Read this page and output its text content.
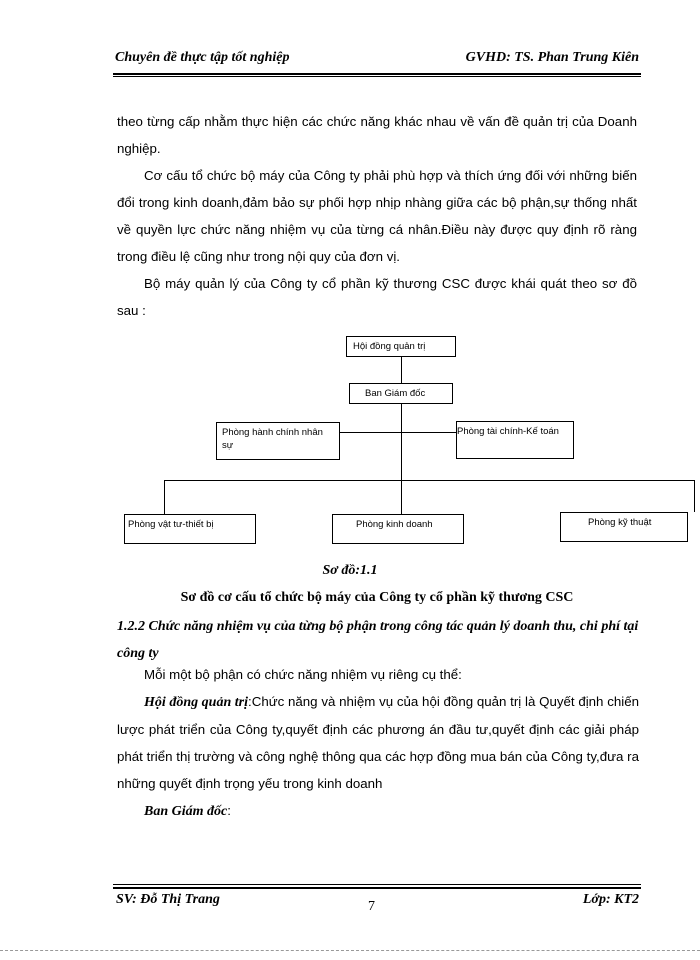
Chuyên đề thực tập tốt nghiệp	GVHD: TS. Phan Trung Kiên

theo từng cấp nhằm thực hiện các chức năng khác nhau về vấn đề quản trị của Doanh nghiệp.

Cơ cấu tổ chức bộ máy của Công ty phải phù hợp và thích ứng đối với những biến đổi trong kinh doanh,đảm bảo sự phối hợp nhịp nhàng giữa các bộ phận,sự thống nhất về quyền lực chức năng nhiệm vụ của từng cá nhân.Điều này được quy định rõ ràng trong điều lệ cũng như trong nội quy của đơn vị.

Bộ máy quản lý của Công ty cổ phần kỹ thương CSC được khái quát theo sơ đồ sau :

Hội đồng quản trị
Ban Giám đốc
Phòng hành chính nhân sự
Phòng tài chính-Kế toán
Phòng vật tư-thiết bị	Phòng kinh doanh	Phòng kỹ thuật
Sơ đồ:1.1
Sơ đồ cơ cấu tổ chức bộ máy của Công ty cổ phần kỹ thương CSC
1.2.2 Chức năng nhiệm vụ của từng bộ phận trong công tác quản lý doanh thu, chi phí tại công ty

Mỗi một bộ phận có chức năng nhiệm vụ riêng cụ thể:

Hội đồng quản trị:Chức năng và nhiệm vụ của hội đồng quản trị là Quyết định chiến lược phát triển của Công ty,quyết định các phương án đầu tư,quyết định các giải pháp phát triển thị trường và công nghệ thông qua các hợp đồng mua bán của Công ty,đưa ra những quyết định trọng yếu trong kinh doanh

Ban Giám đốc:

SV: Đỗ Thị Trang	7	Lớp: KT2
